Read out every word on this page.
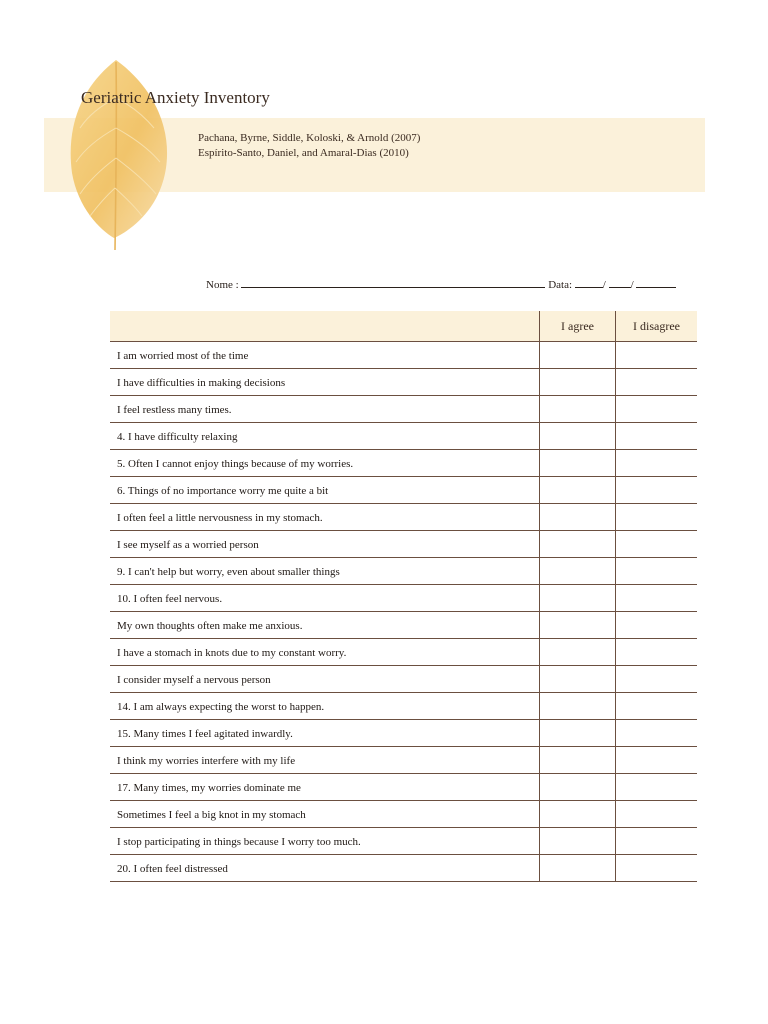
Geriatric Anxiety Inventory
Pachana, Byrne, Siddle, Koloski, & Arnold (2007)
Espírito-Santo, Daniel, and Amaral-Dias (2010)
Nome :	Data:	/ /
	I agree	I disagree
I am worried most of the time		
I have difficulties in making decisions		
I feel restless many times.		
4. I have difficulty relaxing		
5. Often I cannot enjoy things because of my worries.		
6. Things of no importance worry me quite a bit		
I often feel a little nervousness in my stomach.		
I see myself as a worried person		
9. I can't help but worry, even about smaller things		
10. I often feel nervous.		
My own thoughts often make me anxious.		
I have a stomach in knots due to my constant worry.		
I consider myself a nervous person		
14. I am always expecting the worst to happen.		
15. Many times I feel agitated inwardly.		
I think my worries interfere with my life		
17. Many times, my worries dominate me		
Sometimes I feel a big knot in my stomach		
I stop participating in things because I worry too much.		
20. I often feel distressed		
